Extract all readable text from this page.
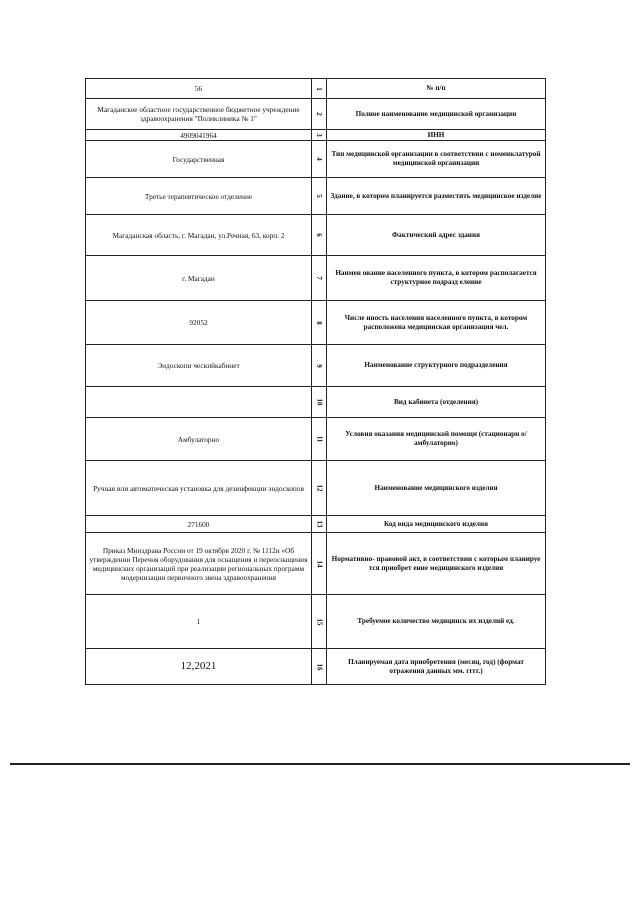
56	1	№ п/п
Магаданское областное государственное бюджетное учреждение здравоохранения "Поликлиника № 1"	2	Полное наименование медицинской организации
4909041964	3	ИНН
Государственная	4	Тип медицинской организации в соответствии с номенклатурой медицинской организации
Третье терапевтическое отделение	5	Здание, в котором планируется разместить медицинское изделие
Магаданская область, г. Магадан, ул.Речная, 63, корп. 2	6	Фактический адрес здания
г. Магадан	7	Наимен ование населенного пункта, в котором располагается структурное подразд еление
92052	8	Числе нность населения населенного пункта, в котором расположена медицинская организация чел.
Эндоскопи ческийкабинет	9	Наименование структурного подразделения
	10	Вид кабинета (отделения)
Амбулаторно	11	Условия оказания медицинской помощи (стационарн о/амбулаторно)
Ручная или автоматическая установка для дезинфекции эндоскопов	12	Наименование медицинского изделия
271600	13	Код вида медицинского изделия
Приказ Минздрава России от 19 октября 2020 г. № 1112н «Об утверждении Перечня оборудования для оснащения и переоснащения медицинских организаций при реализации региональных программ модернизации первичного звена здравоохранения	14	Нормативно- правовой акт, в соответствии с которым планируе тся приобрет ение медицинского изделия
1	15	Требуемое количество медицинск их изделий ед.
12,2021	16	Планируемая дата приобретения (месяц, год) (формат отражения данных мм. гггг.)
